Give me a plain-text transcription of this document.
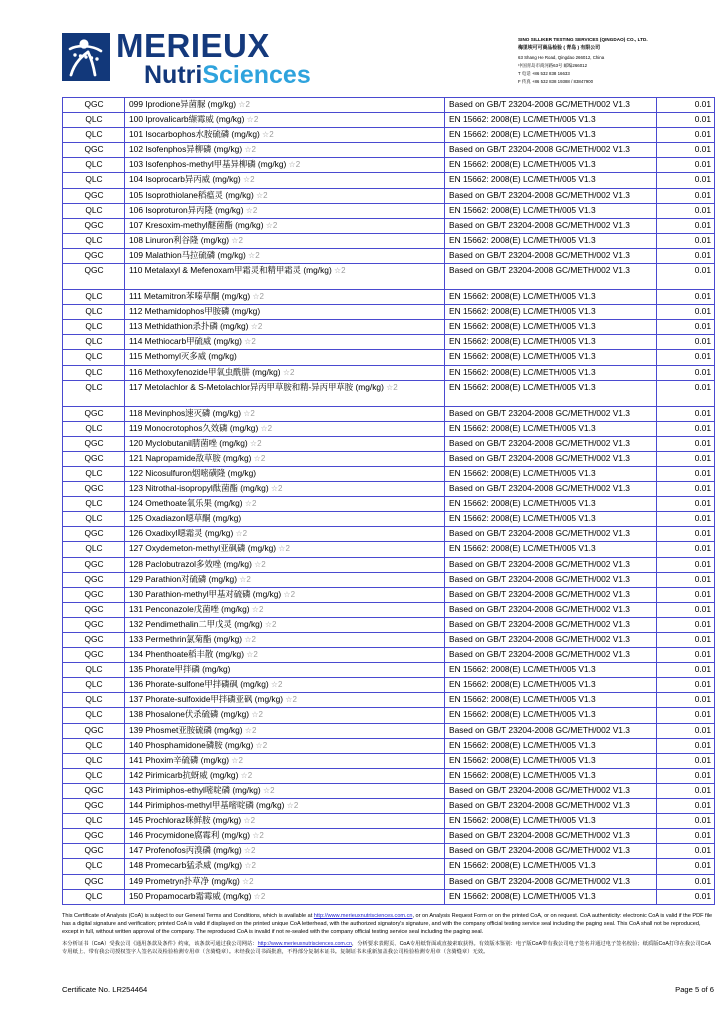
MERIEUX
NutriSciences
SINO SILLIKER TESTING SERVICES (QINGDAO) CO., LTD.
梅里埃可可商品检验 ( 青岛 ) 有限公司
63 Shang He Road, Qingdao 266012, China
中国青岛市商河路63号 邮编266012
T 电话 +86 532 838 16633
F 传真 +86 532 838 19388 / 83847900
QGC	099 Iprodione异菌脲 (mg/kg) ☆2	Based on GB/T 23204-2008 GC/METH/002 V1.3	0.01
QLC	100 Iprovalicarb缬霉威 (mg/kg) ☆2	EN 15662: 2008(E) LC/METH/005 V1.3	0.01
QLC	101 Isocarbophos水胺硫磷 (mg/kg) ☆2	EN 15662: 2008(E) LC/METH/005 V1.3	0.01
QGC	102 Isofenphos异柳磷 (mg/kg) ☆2	Based on GB/T 23204-2008 GC/METH/002 V1.3	0.01
QLC	103 Isofenphos-methyl甲基异柳磷 (mg/kg) ☆2	EN 15662: 2008(E) LC/METH/005 V1.3	0.01
QLC	104 Isoprocarb异丙威 (mg/kg) ☆2	EN 15662: 2008(E) LC/METH/005 V1.3	0.01
QGC	105 Isoprothiolane稻瘟灵 (mg/kg) ☆2	Based on GB/T 23204-2008 GC/METH/002 V1.3	0.01
QLC	106 Isoproturon异丙隆 (mg/kg) ☆2	EN 15662: 2008(E) LC/METH/005 V1.3	0.01
QGC	107 Kresoxim-methyl醚菌酯 (mg/kg) ☆2	Based on GB/T 23204-2008 GC/METH/002 V1.3	0.01
QLC	108 Linuron利谷隆 (mg/kg) ☆2	EN 15662: 2008(E) LC/METH/005 V1.3	0.01
QGC	109 Malathion马拉硫磷 (mg/kg) ☆2	Based on GB/T 23204-2008 GC/METH/002 V1.3	0.01
QGC	110 Metalaxyl & Mefenoxam甲霜灵和精甲霜灵 (mg/kg) ☆2	Based on GB/T 23204-2008 GC/METH/002 V1.3	0.01
QLC	111 Metamitron苯嗪草酮 (mg/kg) ☆2	EN 15662: 2008(E) LC/METH/005 V1.3	0.01
QLC	112 Methamidophos甲胺磷 (mg/kg)	EN 15662: 2008(E) LC/METH/005 V1.3	0.01
QLC	113 Methidathion杀扑磷 (mg/kg) ☆2	EN 15662: 2008(E) LC/METH/005 V1.3	0.01
QLC	114 Methiocarb甲硫威 (mg/kg) ☆2	EN 15662: 2008(E) LC/METH/005 V1.3	0.01
QLC	115 Methomyl灭多威 (mg/kg)	EN 15662: 2008(E) LC/METH/005 V1.3	0.01
QLC	116 Methoxyfenozide甲氧虫酰肼 (mg/kg) ☆2	EN 15662: 2008(E) LC/METH/005 V1.3	0.01
QLC	117 Metolachlor & S-Metolachlor异丙甲草胺和精-异丙甲草胺 (mg/kg) ☆2	EN 15662: 2008(E) LC/METH/005 V1.3	0.01
QGC	118 Mevinphos速灭磷 (mg/kg) ☆2	Based on GB/T 23204-2008 GC/METH/002 V1.3	0.01
QLC	119 Monocrotophos久效磷 (mg/kg) ☆2	EN 15662: 2008(E) LC/METH/005 V1.3	0.01
QGC	120 Myclobutanil腈菌唑 (mg/kg) ☆2	Based on GB/T 23204-2008 GC/METH/002 V1.3	0.01
QGC	121 Napropamide敌草胺 (mg/kg) ☆2	Based on GB/T 23204-2008 GC/METH/002 V1.3	0.01
QLC	122 Nicosulfuron烟嘧磺隆 (mg/kg)	EN 15662: 2008(E) LC/METH/005 V1.3	0.01
QGC	123 Nitrothal-isopropyl酞菌酯 (mg/kg) ☆2	Based on GB/T 23204-2008 GC/METH/002 V1.3	0.01
QLC	124 Omethoate氧乐果 (mg/kg) ☆2	EN 15662: 2008(E) LC/METH/005 V1.3	0.01
QLC	125 Oxadiazon噁草酮 (mg/kg)	EN 15662: 2008(E) LC/METH/005 V1.3	0.01
QGC	126 Oxadixyl噁霜灵 (mg/kg) ☆2	Based on GB/T 23204-2008 GC/METH/002 V1.3	0.01
QLC	127 Oxydemeton-methyl亚砜磷 (mg/kg) ☆2	EN 15662: 2008(E) LC/METH/005 V1.3	0.01
QGC	128 Paclobutrazol多效唑 (mg/kg) ☆2	Based on GB/T 23204-2008 GC/METH/002 V1.3	0.01
QGC	129 Parathion对硫磷 (mg/kg) ☆2	Based on GB/T 23204-2008 GC/METH/002 V1.3	0.01
QGC	130 Parathion-methyl甲基对硫磷 (mg/kg) ☆2	Based on GB/T 23204-2008 GC/METH/002 V1.3	0.01
QGC	131 Penconazole戊菌唑 (mg/kg) ☆2	Based on GB/T 23204-2008 GC/METH/002 V1.3	0.01
QGC	132 Pendimethalin二甲戊灵 (mg/kg) ☆2	Based on GB/T 23204-2008 GC/METH/002 V1.3	0.01
QGC	133 Permethrin氯菊酯 (mg/kg) ☆2	Based on GB/T 23204-2008 GC/METH/002 V1.3	0.01
QGC	134 Phenthoate稻丰散 (mg/kg) ☆2	Based on GB/T 23204-2008 GC/METH/002 V1.3	0.01
QLC	135 Phorate甲拌磷 (mg/kg)	EN 15662: 2008(E) LC/METH/005 V1.3	0.01
QLC	136 Phorate-sulfone甲拌磷砜 (mg/kg) ☆2	EN 15662: 2008(E) LC/METH/005 V1.3	0.01
QLC	137 Phorate-sulfoxide甲拌磷亚砜 (mg/kg) ☆2	EN 15662: 2008(E) LC/METH/005 V1.3	0.01
QLC	138 Phosalone伏杀硫磷 (mg/kg) ☆2	EN 15662: 2008(E) LC/METH/005 V1.3	0.01
QGC	139 Phosmet亚胺硫磷 (mg/kg) ☆2	Based on GB/T 23204-2008 GC/METH/002 V1.3	0.01
QLC	140 Phosphamidone磷胺 (mg/kg) ☆2	EN 15662: 2008(E) LC/METH/005 V1.3	0.01
QLC	141 Phoxim辛硫磷 (mg/kg) ☆2	EN 15662: 2008(E) LC/METH/005 V1.3	0.01
QLC	142 Pirimicarb抗蚜威 (mg/kg) ☆2	EN 15662: 2008(E) LC/METH/005 V1.3	0.01
QGC	143 Pirimiphos-ethyl嘧啶磷 (mg/kg) ☆2	Based on GB/T 23204-2008 GC/METH/002 V1.3	0.01
QGC	144 Pirimiphos-methyl甲基嘧啶磷 (mg/kg) ☆2	Based on GB/T 23204-2008 GC/METH/002 V1.3	0.01
QLC	145 Prochloraz咪鲜胺 (mg/kg) ☆2	EN 15662: 2008(E) LC/METH/005 V1.3	0.01
QGC	146 Procymidone腐霉利 (mg/kg) ☆2	Based on GB/T 23204-2008 GC/METH/002 V1.3	0.01
QGC	147 Profenofos丙溴磷 (mg/kg) ☆2	Based on GB/T 23204-2008 GC/METH/002 V1.3	0.01
QLC	148 Promecarb猛杀威 (mg/kg) ☆2	EN 15662: 2008(E) LC/METH/005 V1.3	0.01
QGC	149 Prometryn扑草净 (mg/kg) ☆2	Based on GB/T 23204-2008 GC/METH/002 V1.3	0.01
QLC	150 Propamocarb霜霉威 (mg/kg) ☆2	EN 15662: 2008(E) LC/METH/005 V1.3	0.01
This Certificate of Analysis (CoA) is subject to our General Terms and Conditions, which is available at http://www.merieuxnutrisciences.com.cn, or on Analysis Request Form or on the printed CoA, or on request. CoA authenticity: electronic CoA is valid if the PDF file has a digital signature and verification; printed CoA is valid if displayed on the printed unique CoA letterhead, with the authorized signatory's signature, and with the company official testing service seal including the paging seal. This CoA shall not be reproduced, except in full, without written approval of the company. The reproduced CoA is invalid if not re-sealed with the company official testing service seal including the paging seal.
本分析证书（CoA）受我公司《通用条款及条件》约束，该条款可通过我公司网站：http://www.merieuxnutrisciences.com.cn，分析要求表附页、CoA专用纸背面或直接索取获得。有效版本鉴别：电子版CoA带有我公司电子签名并通过电子签名校验；纸质版CoA打印在我公司CoA专用纸上、带有我公司授权签字人签名以及检验检测专用章（含骑缝章）。未经我公司书面批准，不得部分复制本证书。复制证书未重新加盖我公司检验检测专用章（含骑缝章）无效。
Certificate No. LR254464	Page 5 of 6
